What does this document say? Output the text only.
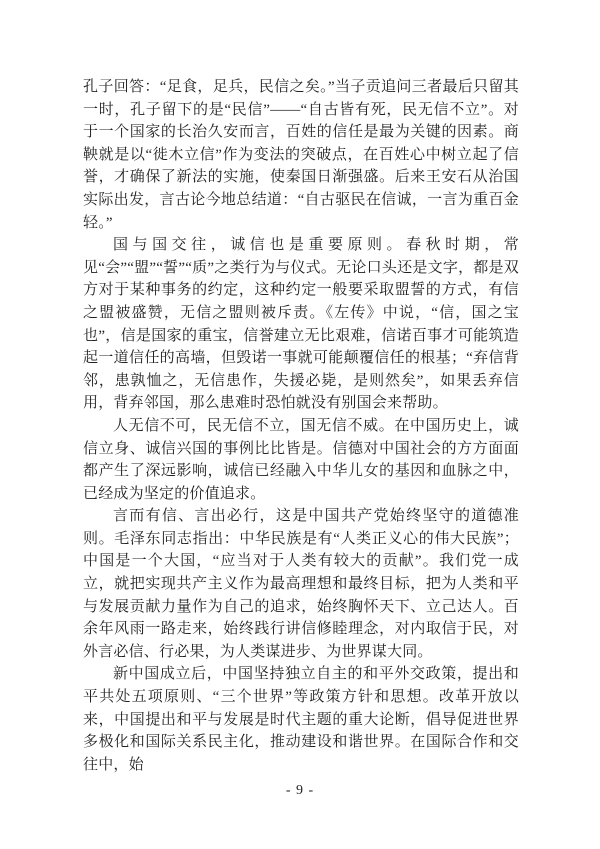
孔子回答：“足食，足兵，民信之矣。”当子贡追问三者最后只留其一时，孔子留下的是“民信”——“自古皆有死，民无信不立”。对于一个国家的长治久安而言，百姓的信任是最为关键的因素。商鞅就是以“徙木立信”作为变法的突破点，在百姓心中树立起了信誉，才确保了新法的实施，使秦国日渐强盛。后来王安石从治国实际出发，言古论今地总结道：“自古驱民在信诚，一言为重百金轻。”

国与国交往，诚信也是重要原则。春秋时期，常见“会”“盟”“誓”“质”之类行为与仪式。无论口头还是文字，都是双方对于某种事务的约定，这种约定一般要采取盟誓的方式，有信之盟被盛赞，无信之盟则被斥责。《左传》中说，“信，国之宝也”，信是国家的重宝，信誉建立无比艰难，信诺百事才可能筑造起一道信任的高墙，但毁诺一事就可能颠覆信任的根基；“弃信背邻，患孰恤之，无信患作，失援必毙，是则然矣”，如果丢弃信用，背弃邻国，那么患难时恐怕就没有别国会来帮助。

人无信不可，民无信不立，国无信不威。在中国历史上，诚信立身、诚信兴国的事例比比皆是。信德对中国社会的方方面面都产生了深远影响，诚信已经融入中华儿女的基因和血脉之中，已经成为坚定的价值追求。

言而有信、言出必行，这是中国共产党始终坚守的道德准则。毛泽东同志指出：中华民族是有“人类正义心的伟大民族”；中国是一个大国，“应当对于人类有较大的贡献”。我们党一成立，就把实现共产主义作为最高理想和最终目标，把为人类和平与发展贡献力量作为自己的追求，始终胸怀天下、立己达人。百余年风雨一路走来，始终践行讲信修睦理念，对内取信于民，对外言必信、行必果，为人类谋进步、为世界谋大同。

新中国成立后，中国坚持独立自主的和平外交政策，提出和平共处五项原则、“三个世界”等政策方针和思想。改革开放以来，中国提出和平与发展是时代主题的重大论断，倡导促进世界多极化和国际关系民主化，推动建设和谐世界。在国际合作和交往中，始

- 9 -
